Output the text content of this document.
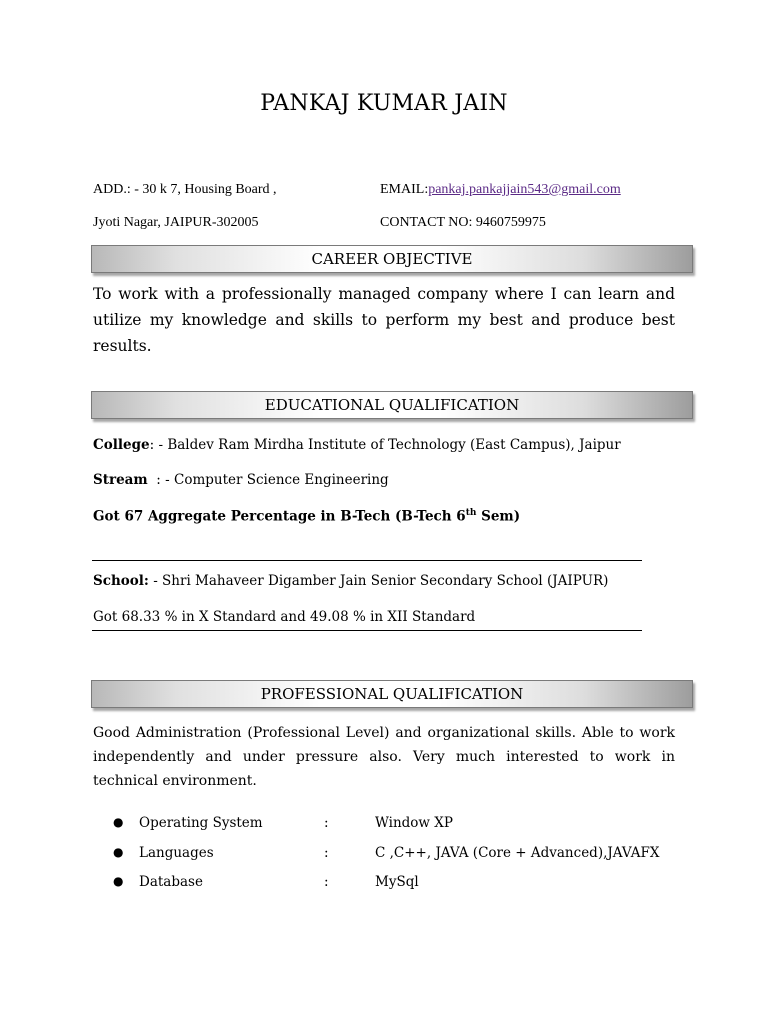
PANKAJ KUMAR JAIN
ADD.: - 30 k 7, Housing Board ,	EMAIL:pankaj.pankajjain543@gmail.com
Jyoti Nagar, JAIPUR-302005	CONTACT NO: 9460759975
CAREER OBJECTIVE
To work with a professionally managed company where I can learn and utilize my knowledge and skills to perform my best and produce best results.
EDUCATIONAL QUALIFICATION
College: - Baldev Ram Mirdha Institute of Technology (East Campus), Jaipur
Stream  : - Computer Science Engineering
Got 67 Aggregate Percentage in B-Tech (B-Tech 6th Sem)
School: - Shri Mahaveer Digamber Jain Senior Secondary School (JAIPUR)
Got 68.33 % in X Standard and 49.08 % in XII Standard
PROFESSIONAL QUALIFICATION
Good Administration (Professional Level) and organizational skills. Able to work independently and under pressure also. Very much interested to work in technical environment.
● Operating System	:	Window XP
● Languages	:	C ,C++, JAVA (Core + Advanced),JAVAFX
● Database	:	MySql
